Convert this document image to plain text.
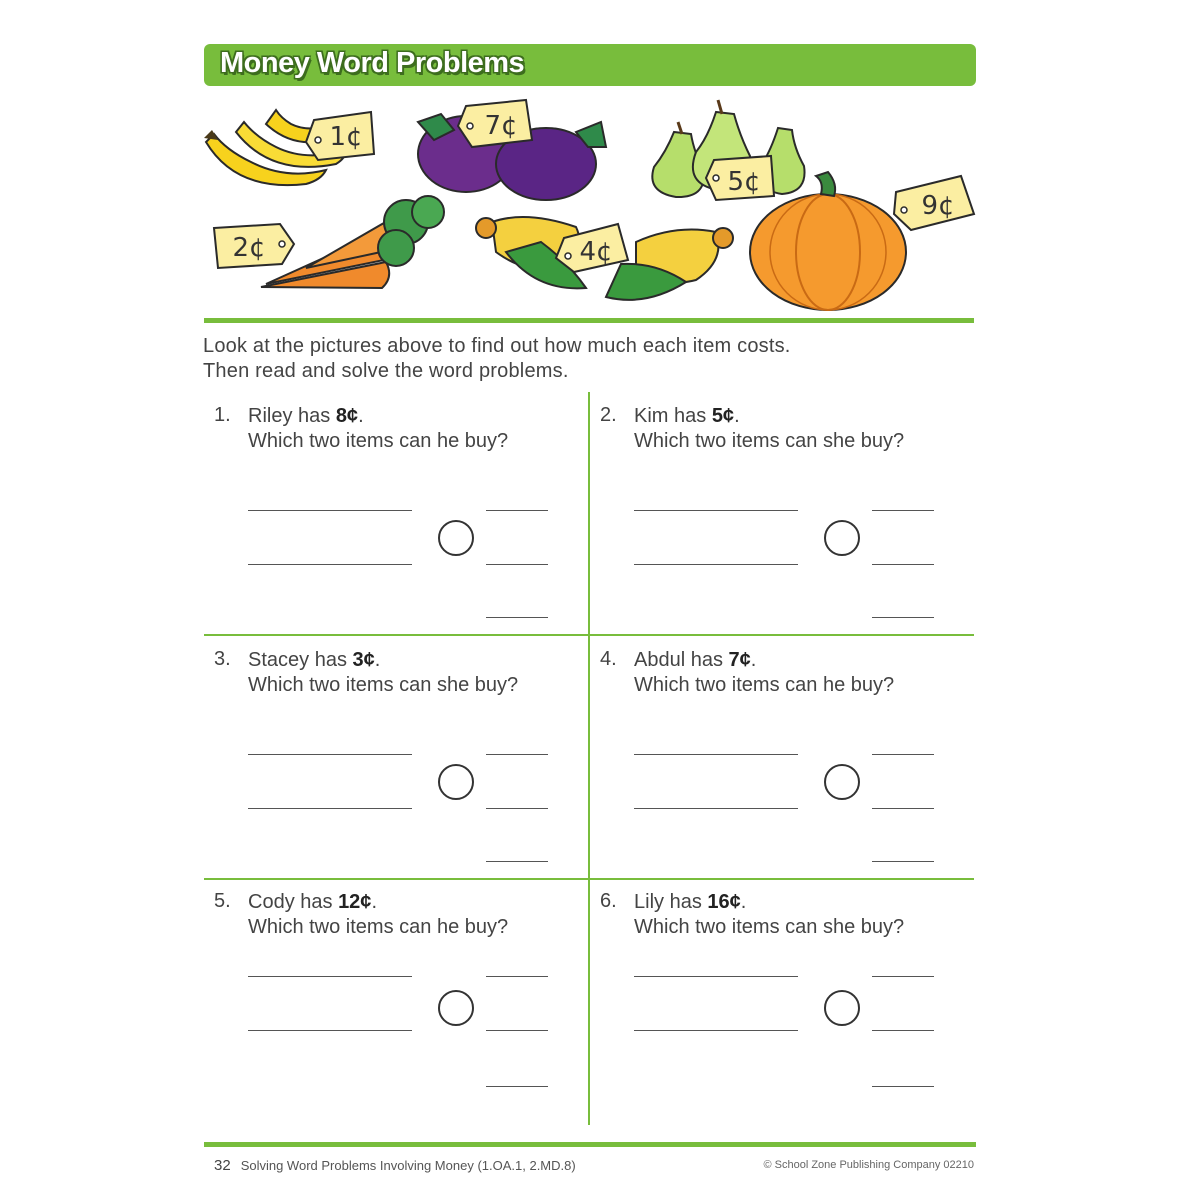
Money Word Problems
1¢	7¢
5¢
2¢	4¢
9¢
Look at the pictures above to find out how much each item costs.
Then read and solve the word problems.
1. Riley has 8¢.
Which two items can he buy?
2. Kim has 5¢.
Which two items can she buy?
3. Stacey has 3¢.
Which two items can she buy?
4. Abdul has 7¢.
Which two items can he buy?
5. Cody has 12¢.
Which two items can he buy?
6. Lily has 16¢.
Which two items can she buy?
32 Solving Word Problems Involving Money (1.OA.1, 2.MD.8)	© School Zone Publishing Company 02210
